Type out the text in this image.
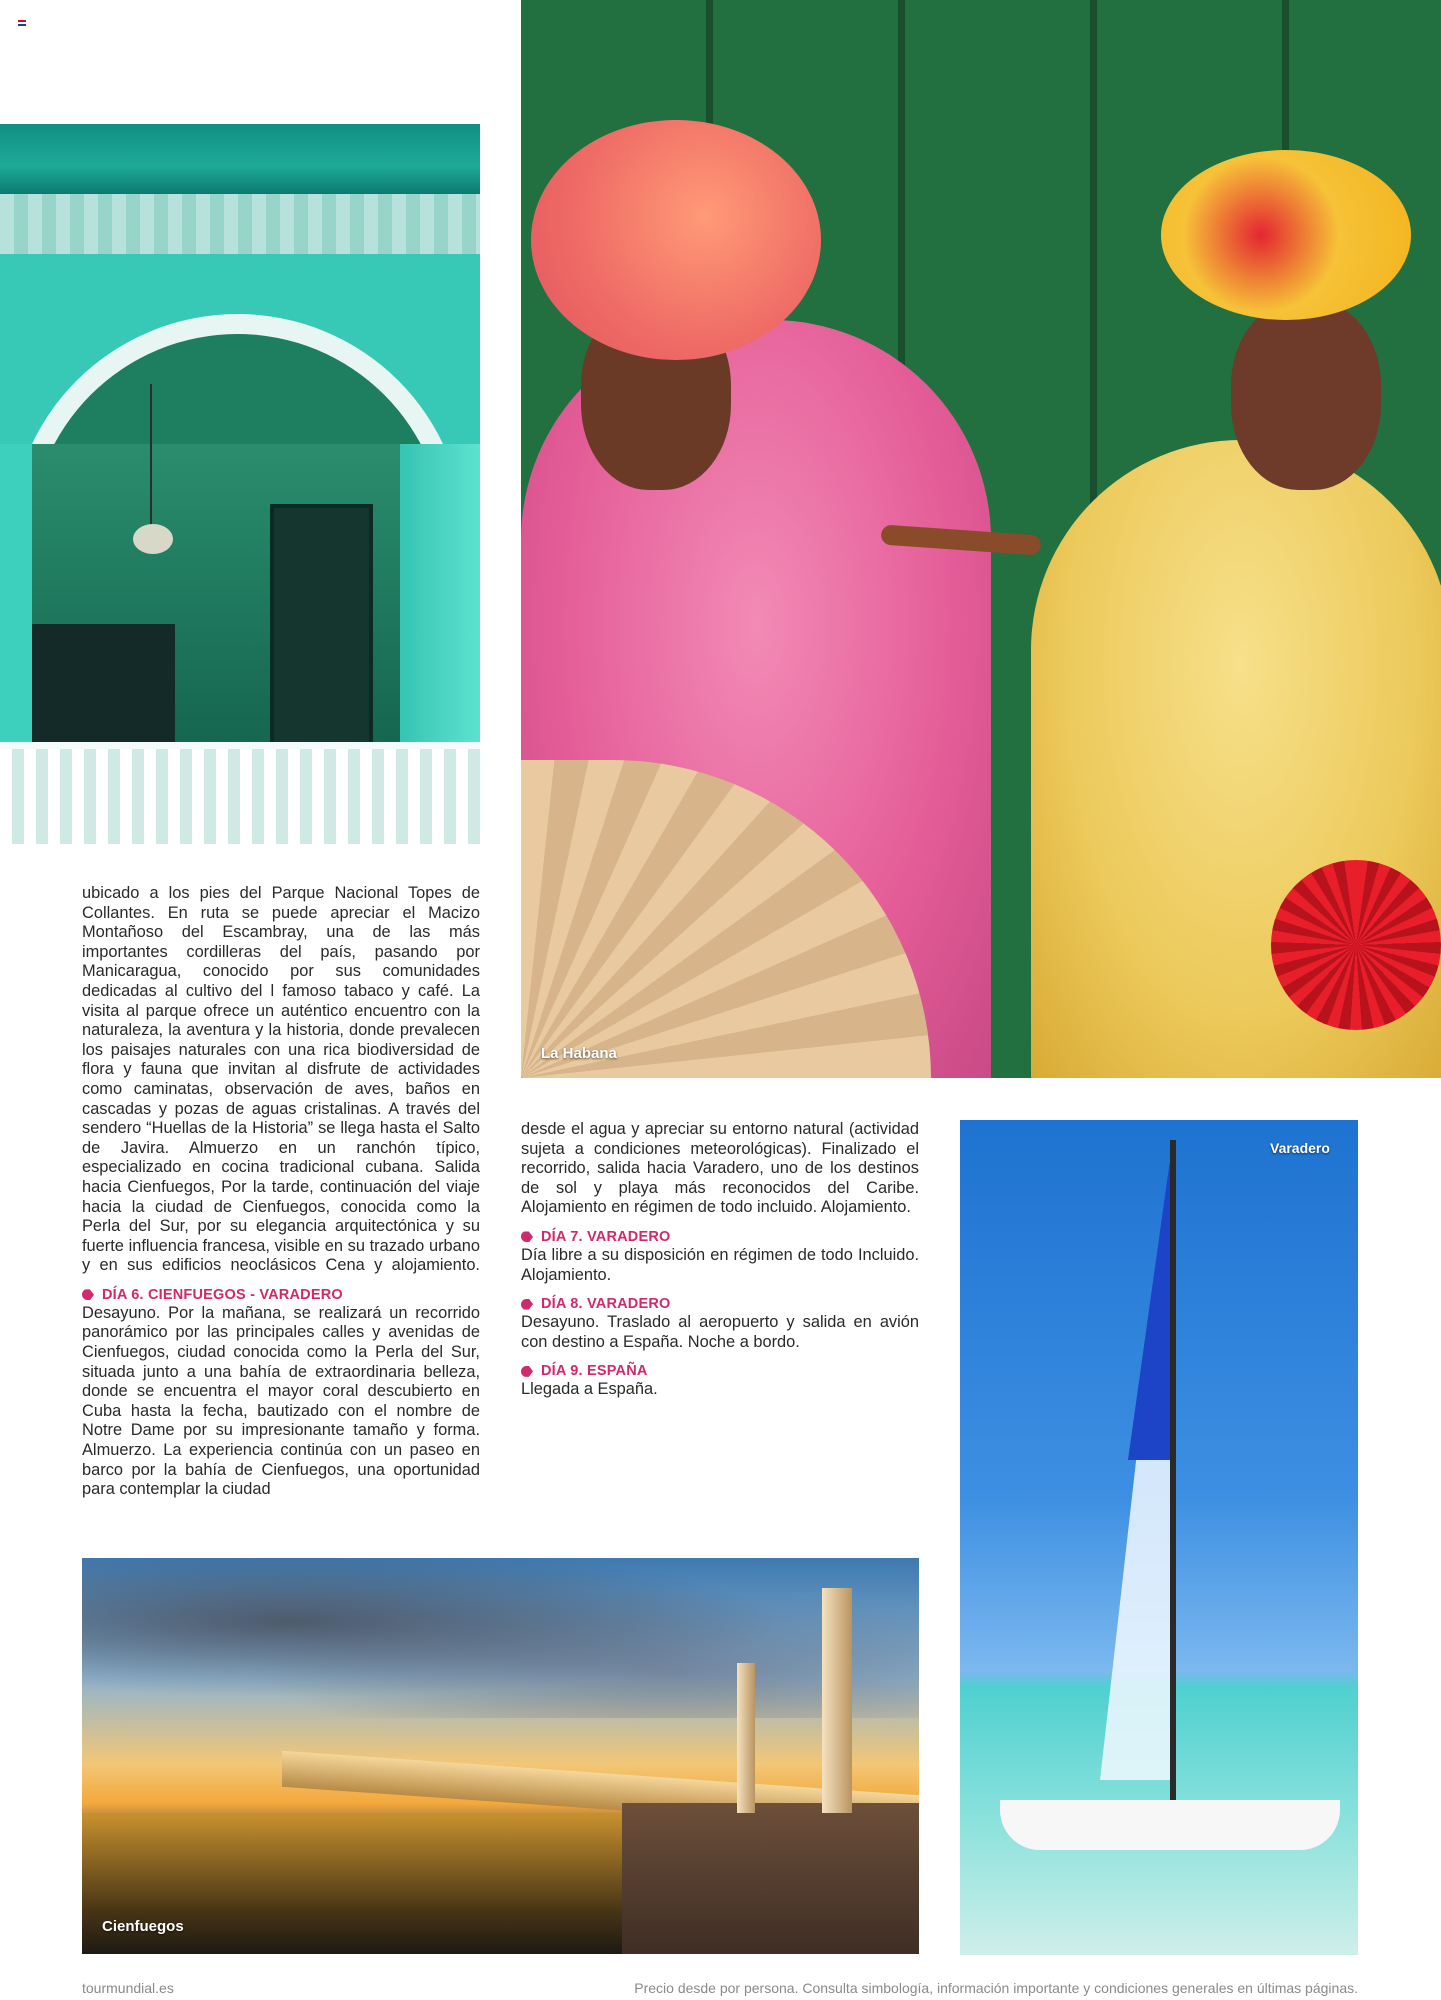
La Habana

ubicado a los pies del Parque Nacional Topes de Collantes. En ruta se puede apreciar el Macizo Montañoso del Escambray, una de las más importantes cordilleras del país, pasando por Manicaragua, conocido por sus comunidades dedicadas al cultivo del l famoso tabaco y café. La visita al parque ofrece un auténtico encuentro con la naturaleza, la aventura y la historia, donde prevalecen los paisajes naturales con una rica biodiversidad de flora y fauna que invitan al disfrute de actividades como caminatas, observación de aves, baños en cascadas y pozas de aguas cristalinas. A través del sendero “Huellas de la Historia” se llega hasta el Salto de Javira. Almuerzo en un ranchón típico, especializado en cocina tradicional cubana. Salida hacia Cienfuegos, Por la tarde, continuación del viaje hacia la ciudad de Cienfuegos, conocida como la Perla del Sur, por su elegancia arquitectónica y su fuerte influencia francesa, visible en su trazado urbano y en sus edificios neoclásicos Cena y alojamiento.

DÍA 6. CIENFUEGOS - VARADERO

Desayuno. Por la mañana, se realizará un recorrido panorámico por las principales calles y avenidas de Cienfuegos, ciudad conocida como la Perla del Sur, situada junto a una bahía de extraordinaria belleza, donde se encuentra el mayor coral descubierto en Cuba hasta la fecha, bautizado con el nombre de Notre Dame por su impresionante tamaño y forma. Almuerzo. La experiencia continúa con un paseo en barco por la bahía de Cienfuegos, una oportunidad para contemplar la ciudad

desde el agua y apreciar su entorno natural (actividad sujeta a condiciones meteorológicas). Finalizado el recorrido, salida hacia Varadero, uno de los destinos de sol y playa más reconocidos del Caribe. Alojamiento en régimen de todo incluido. Alojamiento.

DÍA 7. VARADERO

Día libre a su disposición en régimen de todo Incluido. Alojamiento.

DÍA 8. VARADERO

Desayuno. Traslado al aeropuerto y salida en avión con destino a España. Noche a bordo.

DÍA 9. ESPAÑA

Llegada a España.

Varadero
Cienfuegos
tourmundial.es	Precio desde por persona. Consulta simbología, información importante y condiciones generales en últimas páginas.
